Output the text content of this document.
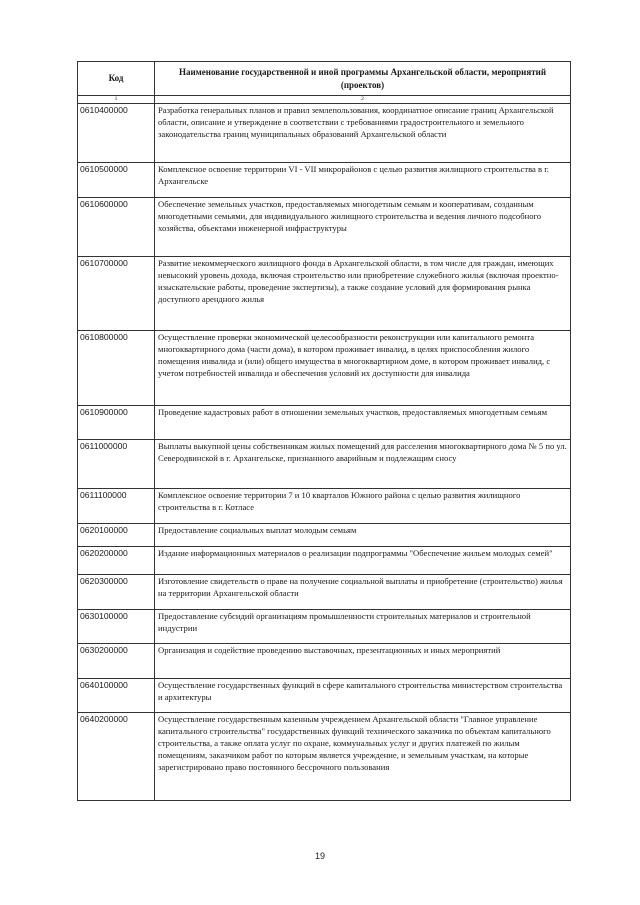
Код	Наименование государственной и иной программы Архангельской области, мероприятий (проектов)
1	2
0610400000	Разработка генеральных планов и правил землепользования, координатное описание границ Архангельской области, описание и утверждение в соответствии с требованиями градостроительного и земельного законодательства границ муниципальных образований Архангельской области
0610500000	Комплексное освоение территории VI - VII микрорайонов с целью развития жилищного строительства в г. Архангельске
0610600000	Обеспечение земельных участков, предоставляемых многодетным семьям и кооперативам, созданным многодетными семьями, для индивидуального жилищного строительства и ведения личного подсобного хозяйства, объектами инженерной инфраструктуры
0610700000	Развитие некоммерческого жилищного фонда в Архангельской области, в том числе для граждан, имеющих невысокий уровень дохода, включая строительство или приобретение служебного жилья (включая проектно-изыскательские работы, проведение экспертизы), а также создание условий для формирования рынка доступного арендного жилья
0610800000	Осуществление проверки экономической целесообразности реконструкции или капитального ремонта многоквартирного дома (части дома), в котором проживает инвалид, в целях приспособления жилого помещения инвалида и (или) общего имущества в многоквартирном доме, в котором проживает инвалид, с учетом потребностей инвалида и обеспечения условий их доступности для инвалида
0610900000	Проведение кадастровых работ в отношении земельных участков, предоставляемых многодетным семьям
0611000000	Выплаты выкупной цены собственникам жилых помещений для расселения многоквартирного дома № 5 по ул. Северодвинской в г. Архангельске, признанного аварийным и подлежащим сносу
0611100000	Комплексное освоение территории 7 и 10 кварталов Южного района с целью развития жилищного строительства в г. Котласе
0620100000	Предоставление социальных выплат молодым семьям
0620200000	Издание информационных материалов о реализации подпрограммы "Обеспечение жильем молодых семей"
0620300000	Изготовление свидетельств о праве на получение социальной выплаты и приобретение (строительство) жилья на территории Архангельской области
0630100000	Предоставление субсидий организациям промышленности строительных материалов и строительной индустрии
0630200000	Организация и содействие проведению выставочных, презентационных и иных мероприятий
0640100000	Осуществление государственных функций в сфере капитального строительства министерством строительства и архитектуры
0640200000	Осуществление государственным казенным учреждением Архангельской области "Главное управление капитального строительства" государственных функций технического заказчика по объектам капитального строительства, а также оплата услуг по охране, коммунальных услуг и других платежей по жилым помещениям, заказчиком работ по которым является учреждение, и земельным участкам, на которые зарегистрировано право постоянного бессрочного пользования
19
